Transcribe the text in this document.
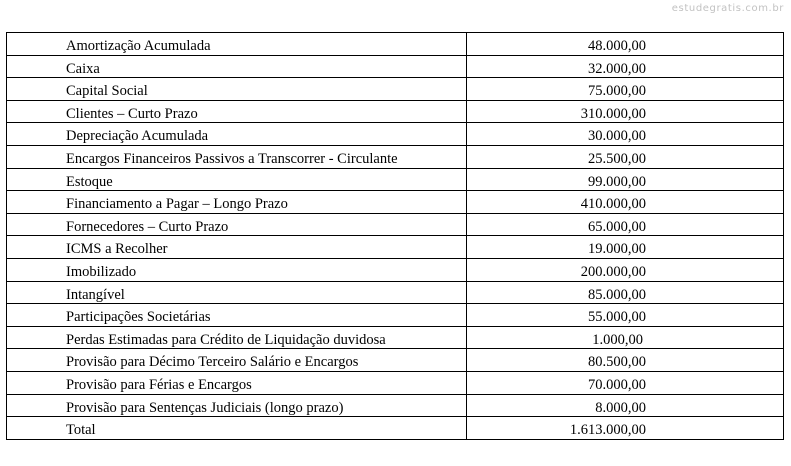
estudegratis.com.br
Amortização Acumulada	48.000,00
Caixa	32.000,00
Capital Social	75.000,00
Clientes – Curto Prazo	310.000,00
Depreciação Acumulada	30.000,00
Encargos Financeiros Passivos a Transcorrer - Circulante	25.500,00
Estoque	99.000,00
Financiamento a Pagar – Longo Prazo	410.000,00
Fornecedores – Curto Prazo	65.000,00
ICMS a Recolher	19.000,00
Imobilizado	200.000,00
Intangível	85.000,00
Participações Societárias	55.000,00
Perdas Estimadas para Crédito de Liquidação duvidosa	1.000,00
Provisão para Décimo Terceiro Salário e Encargos	80.500,00
Provisão para Férias e Encargos	70.000,00
Provisão para Sentenças Judiciais (longo prazo)	8.000,00
Total	1.613.000,00
